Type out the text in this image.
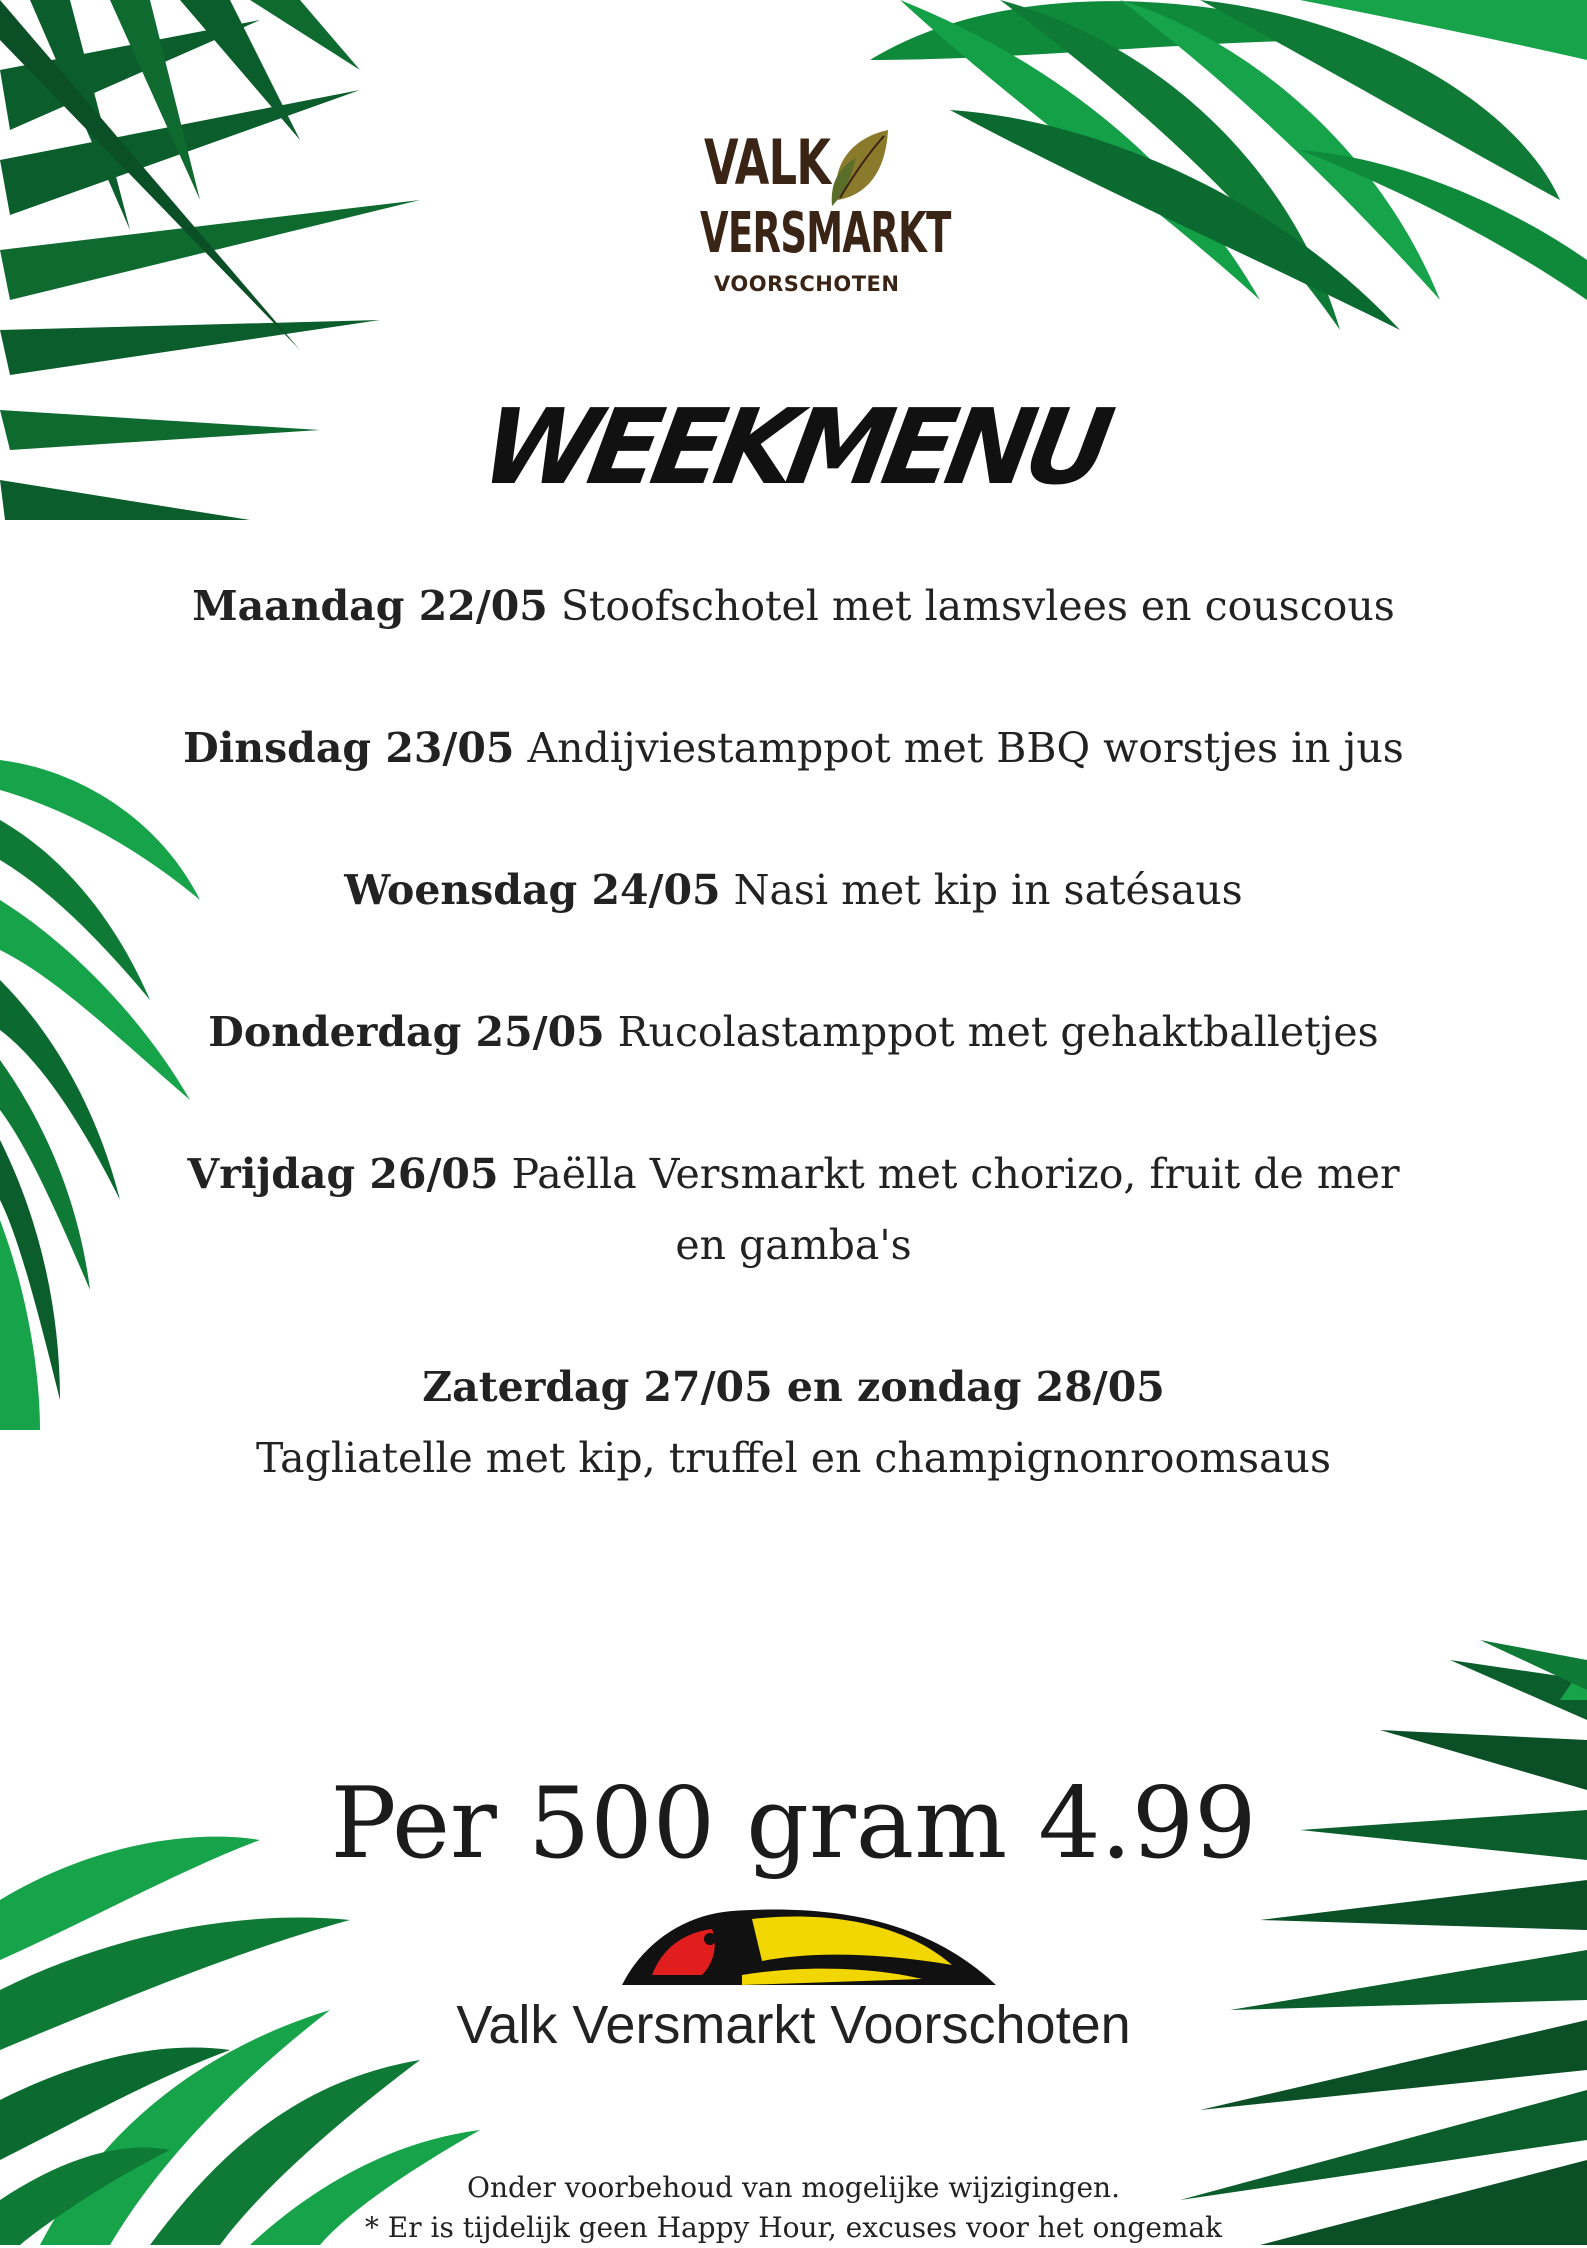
VALK
VERSMARKT
VOORSCHOTEN
WEEKMENU

Maandag 22/05 Stoofschotel met lamsvlees en couscous

Dinsdag 23/05 Andijviestamppot met BBQ worstjes in jus

Woensdag 24/05 Nasi met kip in satésaus

Donderdag 25/05 Rucolastamppot met gehaktballetjes

Vrijdag 26/05 Paëlla Versmarkt met chorizo, fruit de mer en gamba's

Zaterdag 27/05 en zondag 28/05
Tagliatelle met kip, truffel en champignonroomsaus

Per 500 gram 4.99
Valk Versmarkt Voorschoten
Onder voorbehoud van mogelijke wijzigingen.
* Er is tijdelijk geen Happy Hour, excuses voor het ongemak
